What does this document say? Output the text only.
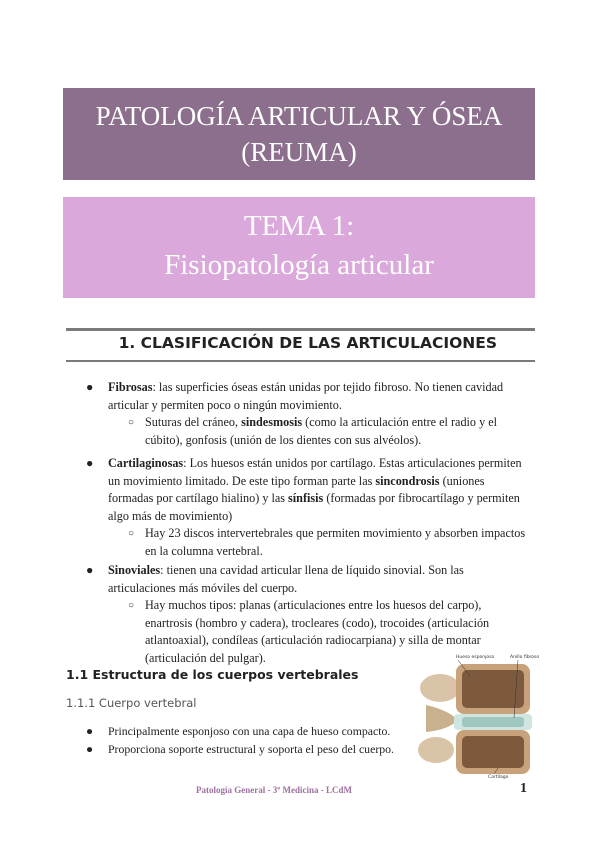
PATOLOGÍA ARTICULAR Y ÓSEA
(REUMA)
TEMA 1:
Fisiopatología articular
1. CLASIFICACIÓN DE LAS ARTICULACIONES
● Fibrosas: las superficies óseas están unidas por tejido fibroso. No tienen cavidad articular y permiten poco o ningún movimiento.
○ Suturas del cráneo, sindesmosis (como la articulación entre el radio y el cúbito), gonfosis (unión de los dientes con sus alvéolos).
● Cartilaginosas: Los huesos están unidos por cartílago. Estas articulaciones permiten un movimiento limitado. De este tipo forman parte las sincondrosis (uniones formadas por cartílago hialino) y las sínfisis (formadas por fibrocartílago y permiten algo más de movimiento)
○ Hay 23 discos intervertebrales que permiten movimiento y absorben impactos en la columna vertebral.
● Sinoviales: tienen una cavidad articular llena de líquido sinovial. Son las articulaciones más móviles del cuerpo.
○ Hay muchos tipos: planas (articulaciones entre los huesos del carpo), enartrosis (hombro y cadera), trocleares (codo), trocoides (articulación atlantoaxial), condíleas (articulación radiocarpiana) y silla de montar (articulación del pulgar).
1.1 Estructura de los cuerpos vertebrales
1.1.1 Cuerpo vertebral
● Principalmente esponjoso con una capa de hueso compacto.
● Proporciona soporte estructural y soporta el peso del cuerpo.
Hueso esponjoso	Anillo fibroso
Cartílago
Patología General - 3º Medicina - LCdM	1
